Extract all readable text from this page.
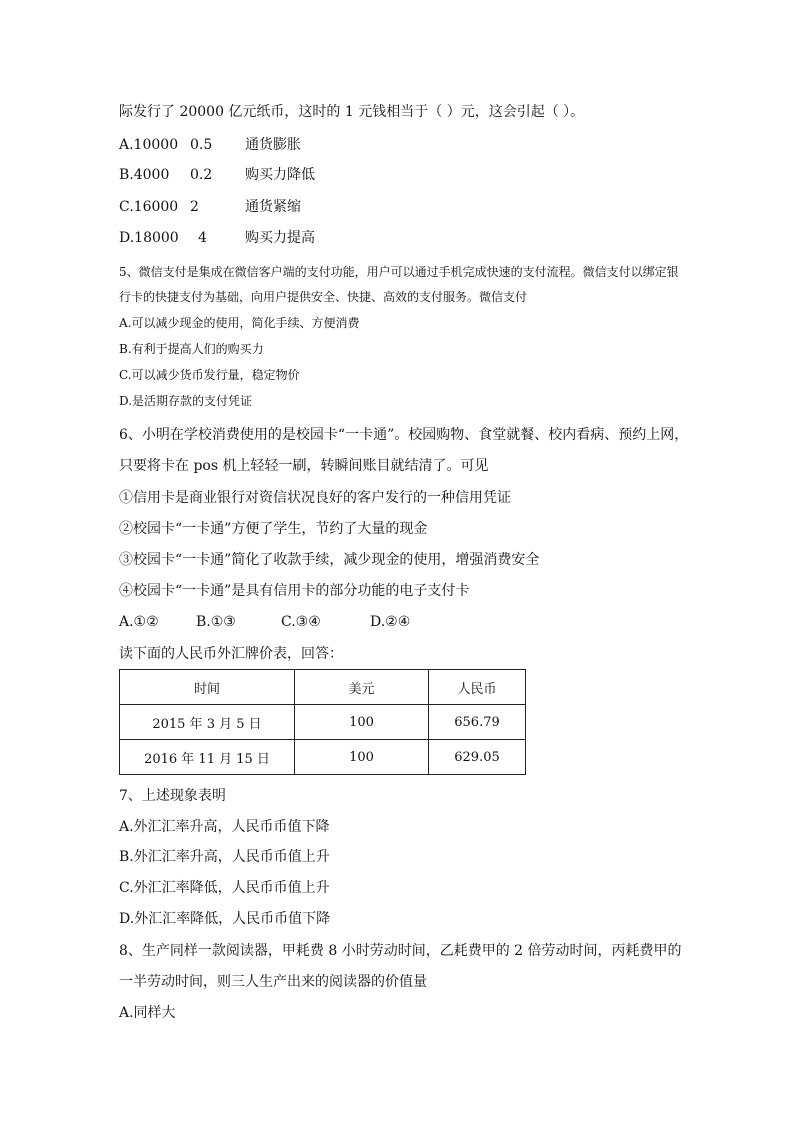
际发行了 20000 亿元纸币，这时的 1 元钱相当于（ ）元，这会引起（ ）。
A.10000 0.5 通货膨胀
B.4000 0.2 购买力降低
C.16000 2	通货紧缩
D.18000 4	购买力提高
5、微信支付是集成在微信客户端的支付功能，用户可以通过手机完成快速的支付流程。微信支付以绑定银
行卡的快捷支付为基础，向用户提供安全、快捷、高效的支付服务。微信支付
A.可以减少现金的使用，简化手续、方便消费
B.有利于提高人们的购买力
C.可以减少货币发行量，稳定物价
D.是活期存款的支付凭证
6、小明在学校消费使用的是校园卡“一卡通”。校园购物、食堂就餐、校内看病、预约上网，
只要将卡在 pos 机上轻轻一刷，转瞬间账目就结清了。可见
①信用卡是商业银行对资信状况良好的客户发行的一种信用凭证
②校园卡“一卡通”方便了学生，节约了大量的现金
③校园卡“一卡通”简化了收款手续，减少现金的使用，增强消费安全
④校园卡“一卡通”是具有信用卡的部分功能的电子支付卡
A.①②	B.①③	C.③④	D.②④
读下面的人民币外汇牌价表，回答：
时间	美元	人民币
2015 年 3 月 5 日	100	656.79
2016 年 11 月 15 日	100	629.05
7、上述现象表明
A.外汇汇率升高，人民币币值下降
B.外汇汇率升高，人民币币值上升
C.外汇汇率降低，人民币币值上升
D.外汇汇率降低，人民币币值下降
8、生产同样一款阅读器，甲耗费 8 小时劳动时间，乙耗费甲的 2 倍劳动时间，丙耗费甲的
一半劳动时间，则三人生产出来的阅读器的价值量
A.同样大
